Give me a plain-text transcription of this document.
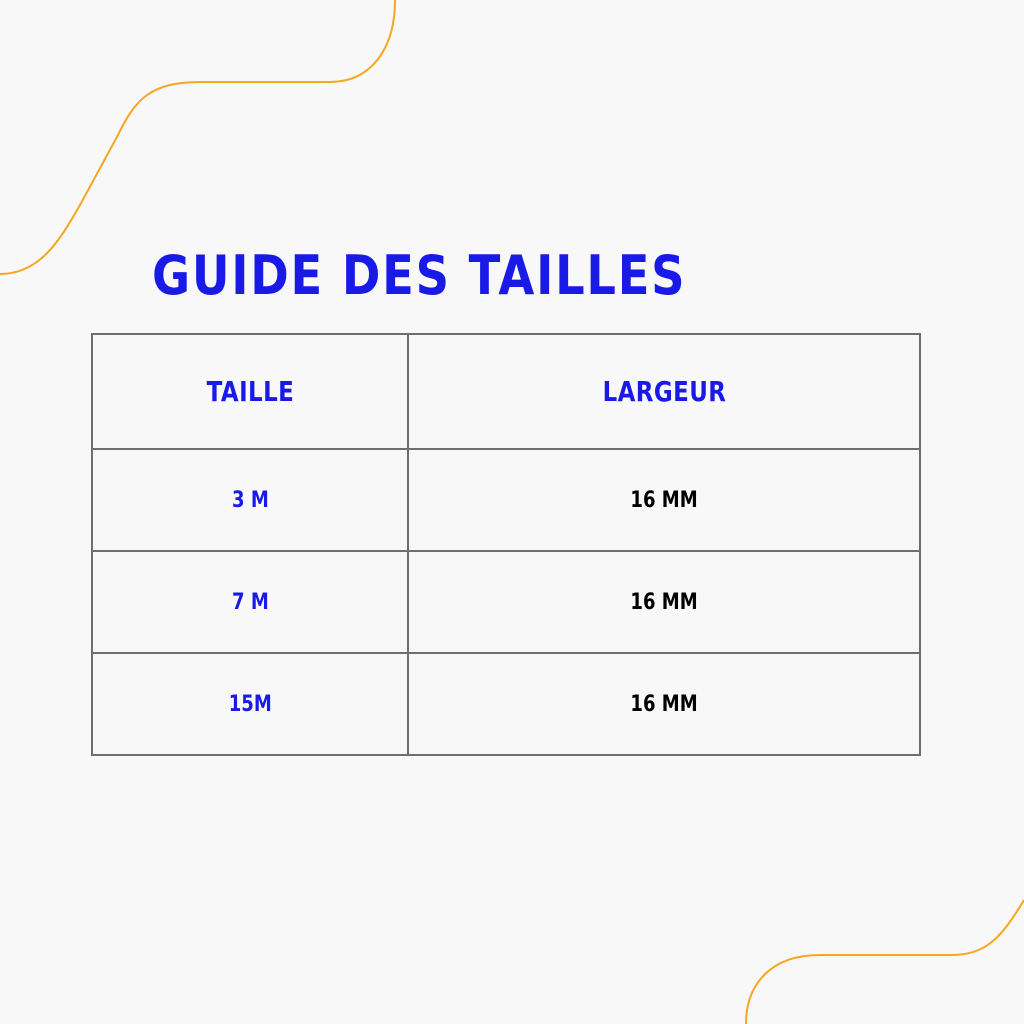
GUIDE DES TAILLES
TAILLE	LARGEUR
3 M	16 MM
7 M	16 MM
15M	16 MM
